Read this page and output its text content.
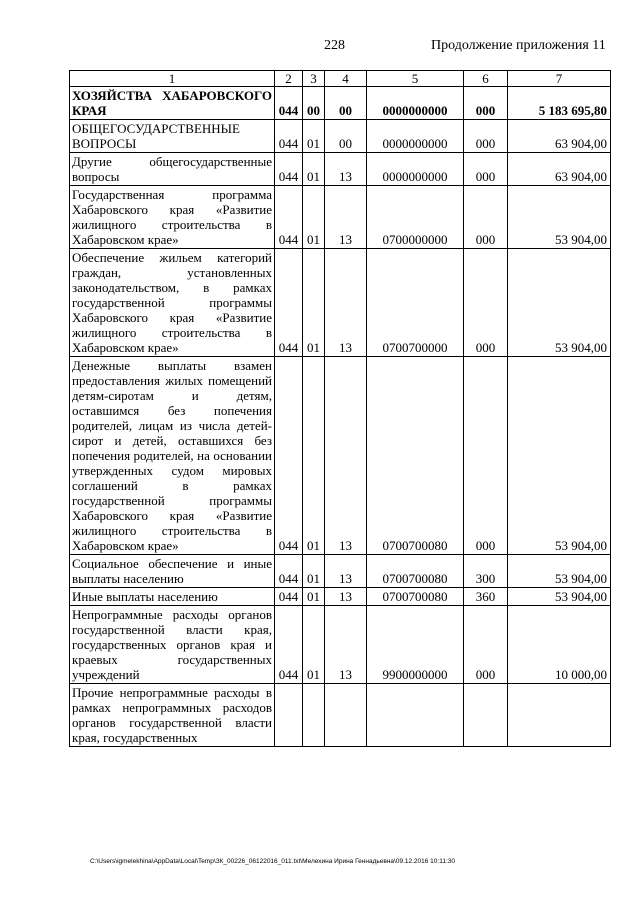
228	Продолжение приложения 11
1	2	3	4	5	6	7
ХОЗЯЙСТВА ХАБАРОВСКОГО КРАЯ	044	00	00	0000000000	000	5 183 695,80
ОБЩЕГОСУДАРСТВЕННЫЕ ВОПРОСЫ	044	01	00	0000000000	000	63 904,00
Другие общегосударственные вопросы	044	01	13	0000000000	000	63 904,00
Государственная программа Хабаровского края «Развитие жилищного строительства в Хабаровском крае»	044	01	13	0700000000	000	53 904,00
Обеспечение жильем категорий граждан, установленных законодательством, в рамках государственной программы Хабаровского края «Развитие жилищного строительства в Хабаровском крае»	044	01	13	0700700000	000	53 904,00
Денежные выплаты взамен предоставления жилых помещений детям-сиротам и детям, оставшимся без попечения родителей, лицам из числа детей-сирот и детей, оставшихся без попечения родителей, на основании утвержденных судом мировых соглашений в рамках государственной программы Хабаровского края «Развитие жилищного строительства в Хабаровском крае»	044	01	13	0700700080	000	53 904,00
Социальное обеспечение и иные выплаты населению	044	01	13	0700700080	300	53 904,00
Иные выплаты населению	044	01	13	0700700080	360	53 904,00
Непрограммные расходы органов государственной власти края, государственных органов края и краевых государственных учреждений	044	01	13	9900000000	000	10 000,00
Прочие непрограммные расходы в рамках непрограммных расходов органов государственной власти края, государственных						
C:\Users\igmelekhina\AppData\Local\Temp\ЗК_00226_06122016_011.txt\Мелехина Ирина Геннадьевна\09.12.2016 10:11:30
